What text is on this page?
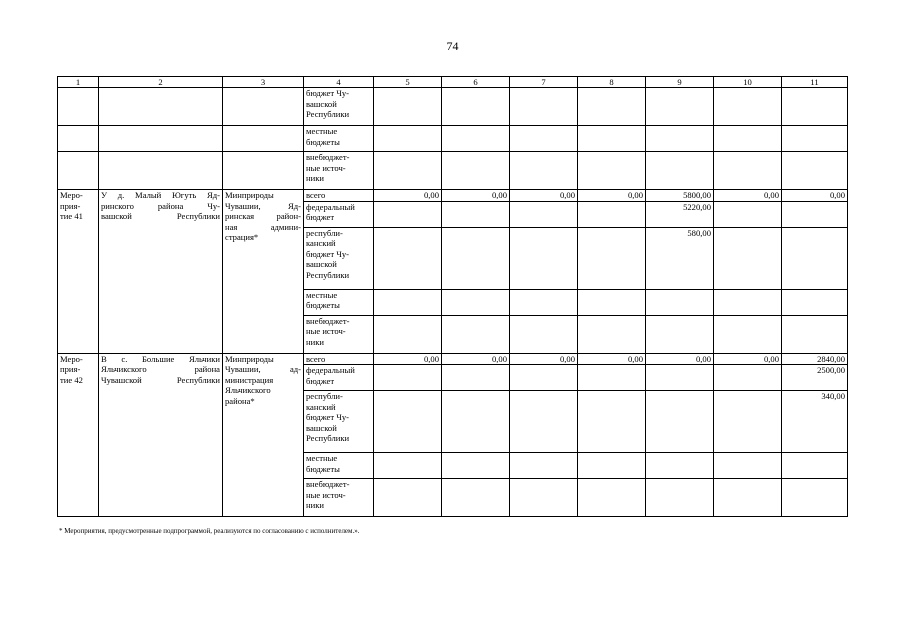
74
1	2	3	4	5	6	7	8	9	10	11

			бюджет Чу-
вашской
Республики							

			местные
бюджеты							

			внебюджет-
ные источ-
ники							

Меро-
прия-
тие 41	У д. Малый Югуть Яд-
ринского района Чу-
вашской Республики	Минприроды
Чувашии, Яд-
ринская район-
ная админи-
страция*	всего	0,00	0,00	0,00	0,00	5800,00	0,00	0,00

			федеральный
бюджет					5220,00		

			республи-
канский
бюджет Чу-
вашской
Республики					580,00		

			местные
бюджеты							

			внебюджет-
ные источ-
ники							

Меро-
прия-
тие 42	В с. Большие Яльчики
Яльчикского района
Чувашской Республики	Минприроды
Чувашии, ад-
министрация
Яльчикского
района*	всего	0,00	0,00	0,00	0,00	0,00	0,00	2840,00

			федеральный
бюджет							2500,00

			республи-
канский
бюджет Чу-
вашской
Республики							340,00

			местные
бюджеты							

			внебюджет-
ные источ-
ники							

* Мероприятия, предусмотренные подпрограммой, реализуются по согласованию с исполнителем.».
